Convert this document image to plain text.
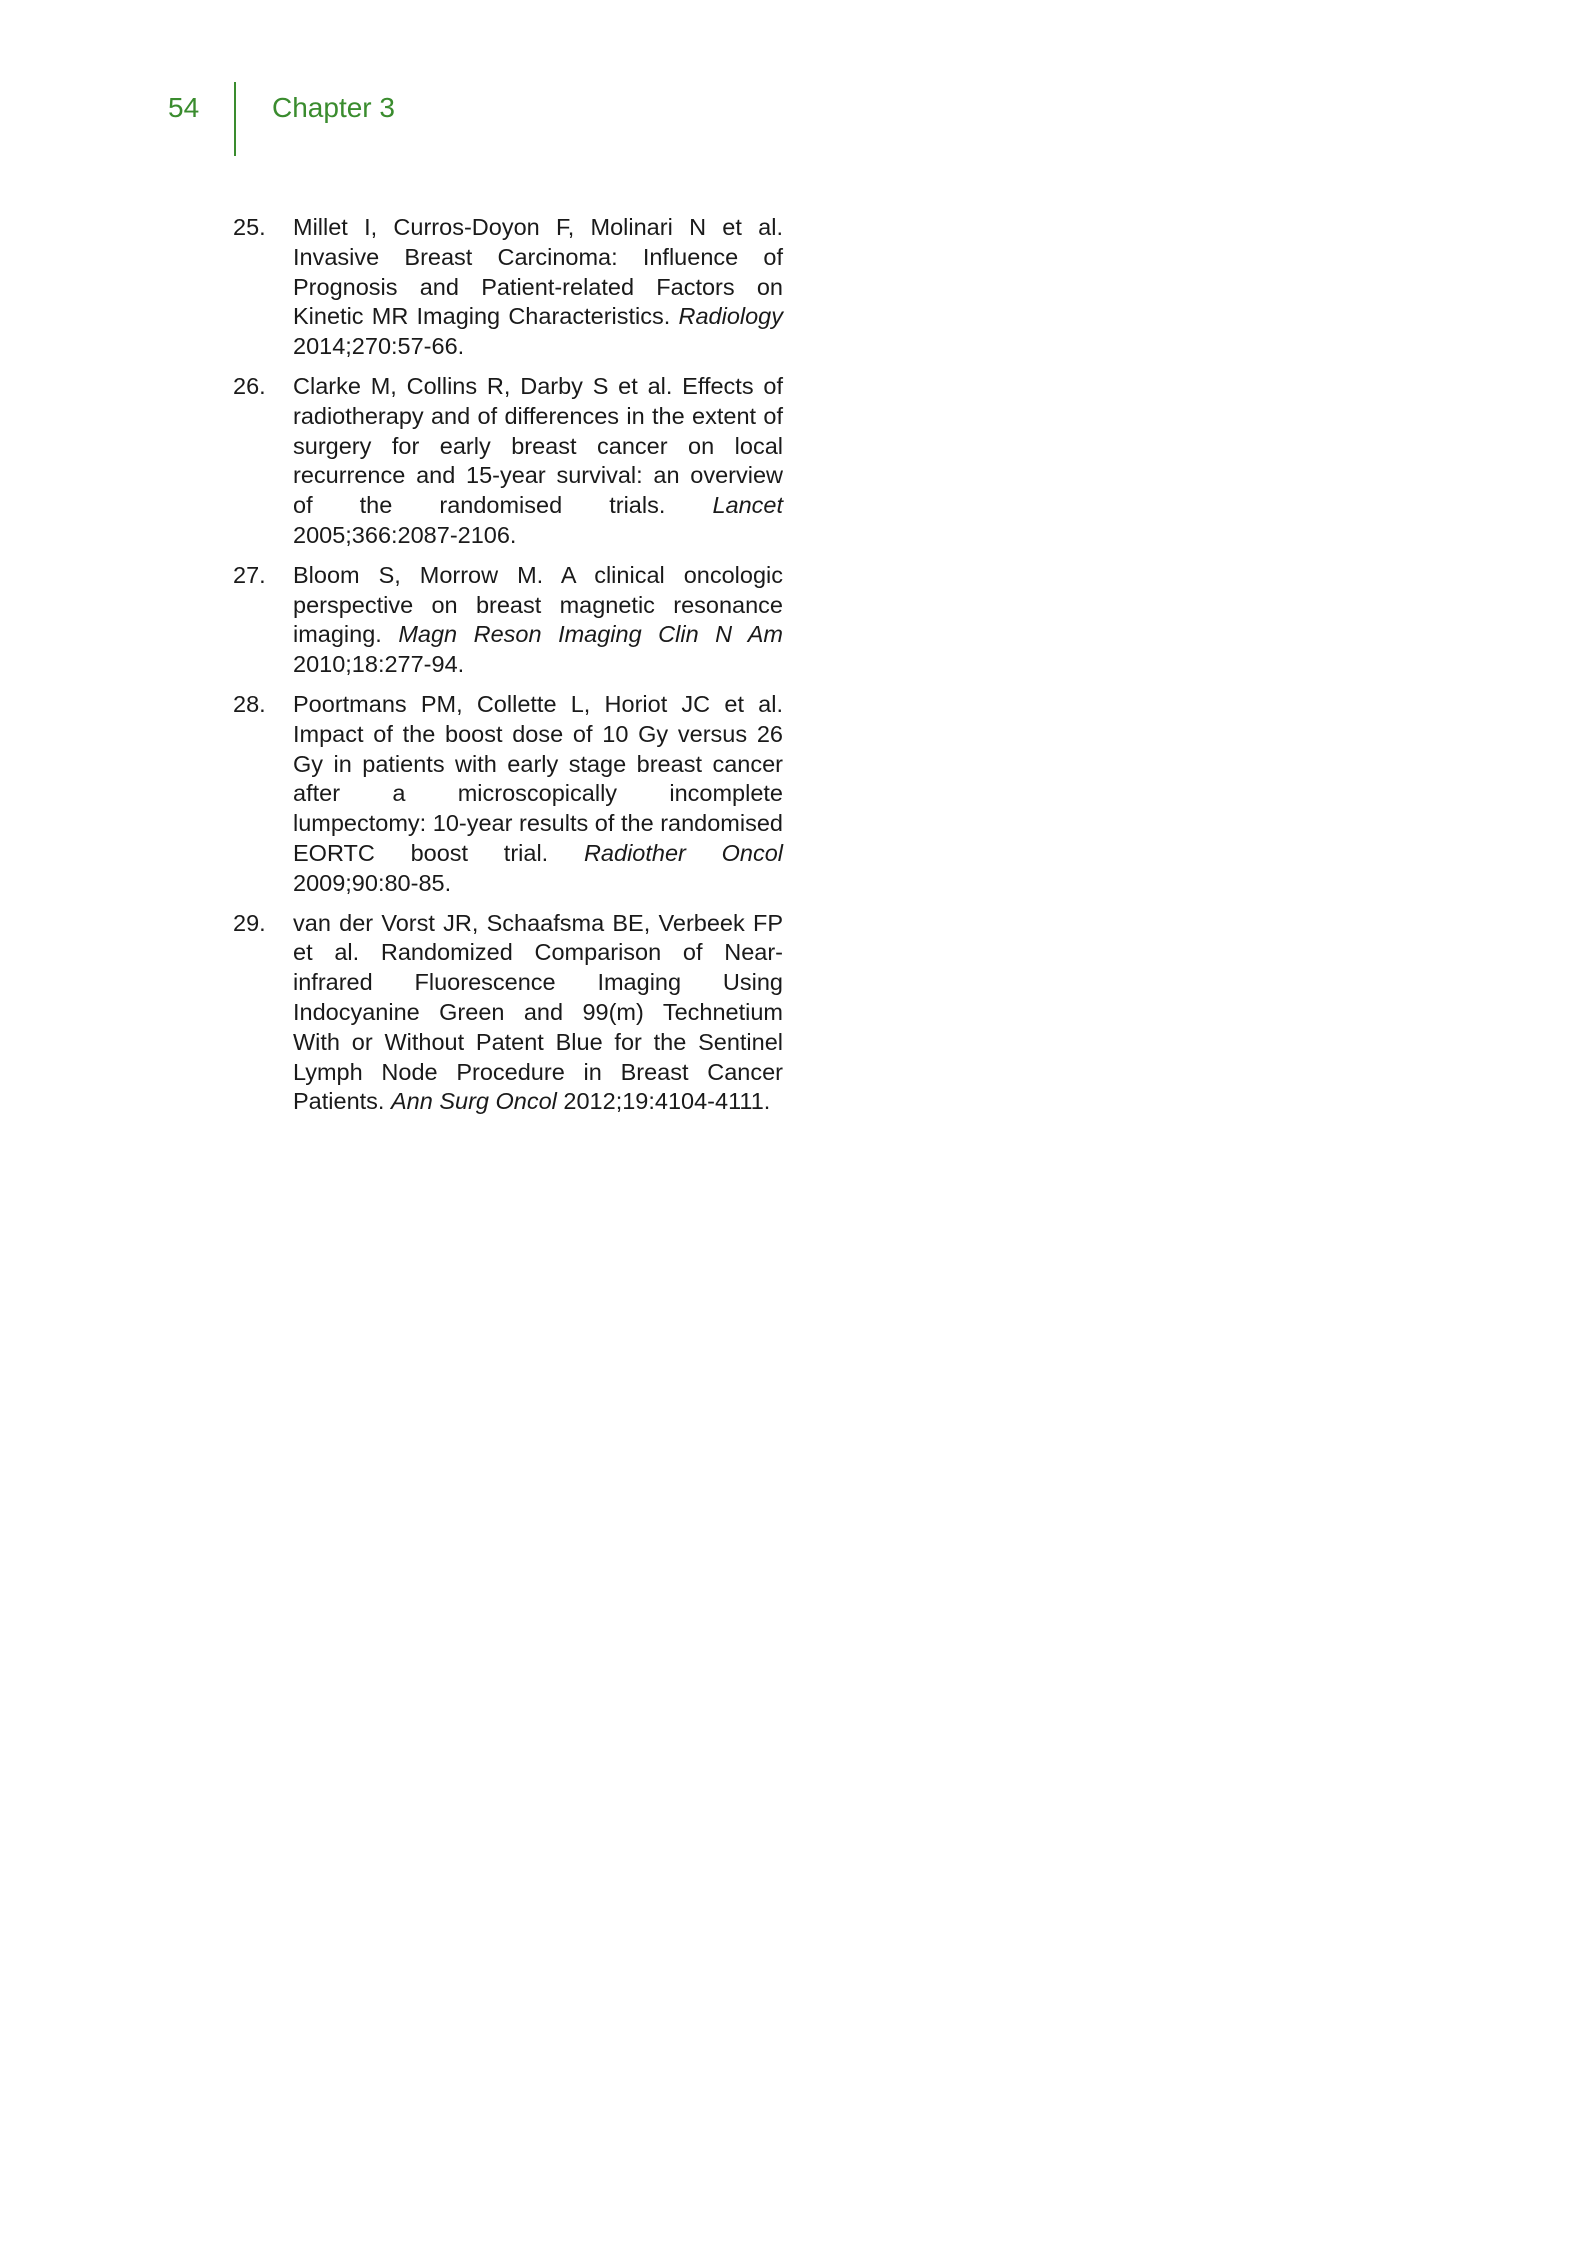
54	Chapter 3
25.	Millet I, Curros-Doyon F, Molinari N et al. Invasive Breast Carcinoma: Influence of Prognosis and Patient-related Factors on Kinetic MR Imaging Characteristics. Radiology 2014;270:57-66.
26.	Clarke M, Collins R, Darby S et al. Effects of radiotherapy and of differences in the extent of surgery for early breast cancer on local recurrence and 15-year survival: an overview of the randomised trials. Lancet 2005;366:2087-2106.
27.	Bloom S, Morrow M. A clinical oncologic perspective on breast magnetic resonance imaging. Magn Reson Imaging Clin N Am 2010;18:277-94.
28.	Poortmans PM, Collette L, Horiot JC et al. Impact of the boost dose of 10 Gy versus 26 Gy in patients with early stage breast cancer after a microscopically incomplete lumpectomy: 10-year results of the randomised EORTC boost trial. Radiother Oncol 2009;90:80-85.
29.	van der Vorst JR, Schaafsma BE, Verbeek FP et al. Randomized Comparison of Near-infrared Fluorescence Imaging Using Indocyanine Green and 99(m) Technetium With or Without Patent Blue for the Sentinel Lymph Node Procedure in Breast Cancer Patients. Ann Surg Oncol 2012;19:4104-4111.
